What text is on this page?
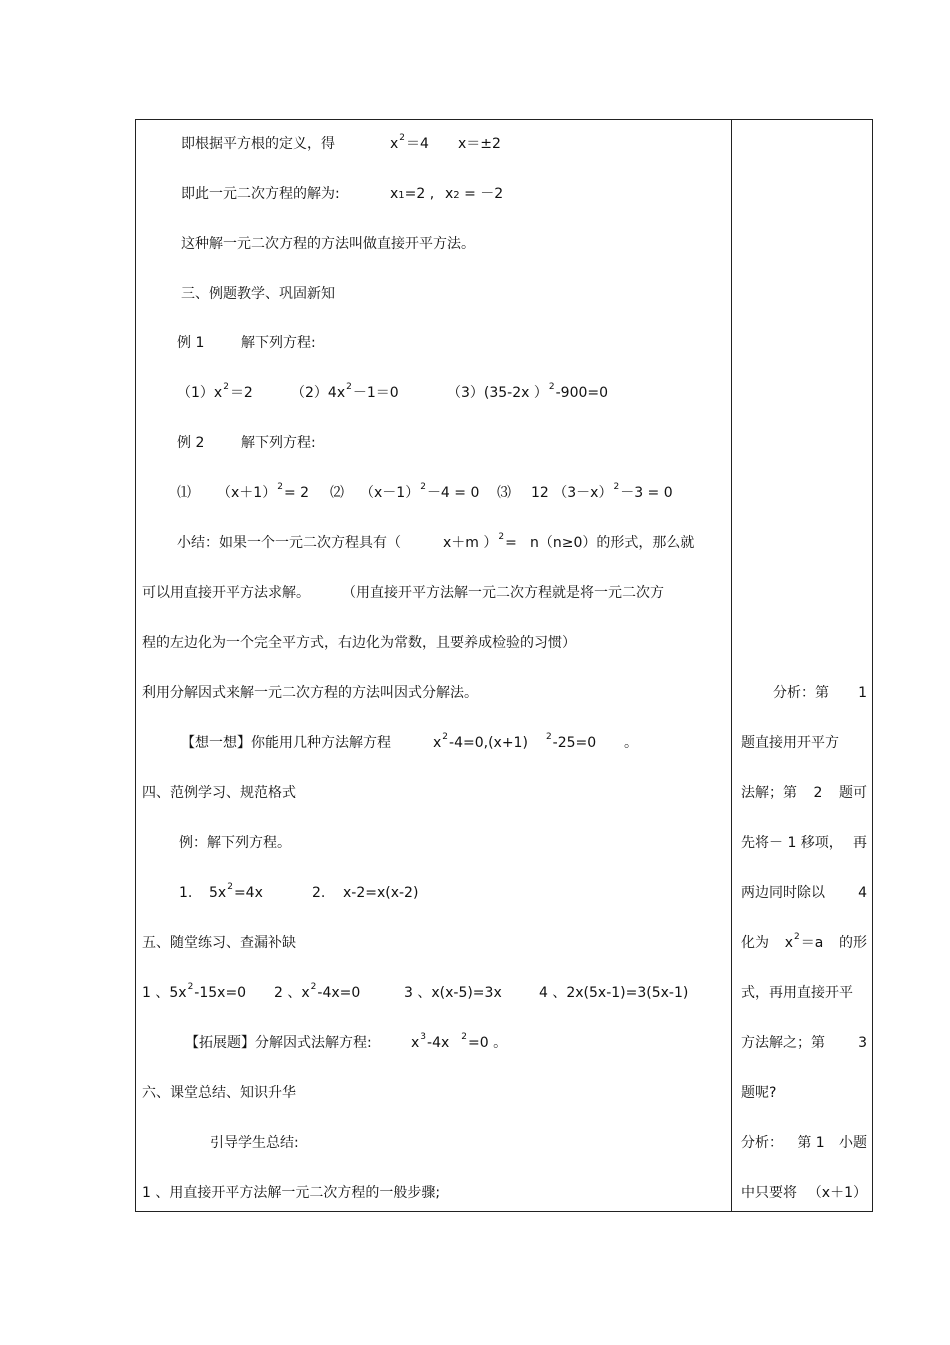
即根据平方根的定义，得	$x^2=4$ x＝±2
即此一元二次方程的解为:	x1=2 , x2 = －2
这种解一元二次方程的方法叫做直接开平方法。
三、例题教学、巩固新知
例 1	解下列方程:
$(1)x^2=2$	$(2)4x^2-1=0$	（3）(35-2x ）$^2$-900=0
例 2	解下列方程:
⑴ $(x+1)^2= 2$ ⑵ $(x-1)^2-4 = 0$ ⑶ 12 $(3-x)^2-3 = 0$
小结：如果一个一元二次方程具有（	x＋m ）$^2$= n（n≥0）的形式，那么就
可以用直接开平方法求解。 （用直接开平方法解一元二次方程就是将一元二次方
程的左边化为一个完全平方式，右边化为常数，且要养成检验的习惯）
利用分解因式来解一元二次方程的方法叫因式分解法。
【想一想】你能用几种方法解方程	$x^2-4=0,(x+1)$ $^2$-25=0 。
四、范例学习、规范格式
例：解下列方程。
1. $5x^2=4x$	2. x-2=x(x-2)
五、随堂练习、查漏补缺
1 、$5x^2-15x=0$ 2 、$x^2-4x=0$	3 、x(x-5)=3x	4 、2x(5x-1)=3(5x-1)
【拓展题】分解因式法解方程:	$x^3-4x$ $^2$=0 。
六、课堂总结、知识升华
引导学生总结:
1 、用直接开平方法解一元二次方程的一般步骤;
分析：第 1
题直接用开平方
法解；第 2 题可
先将－ 1 移项， 再
两边同时除以 4
化为 $x^2=a$ 的形
式，再用直接开平
方法解之；第 3
题呢?
分析： 第 1 小题
中只要将 （x＋1）
